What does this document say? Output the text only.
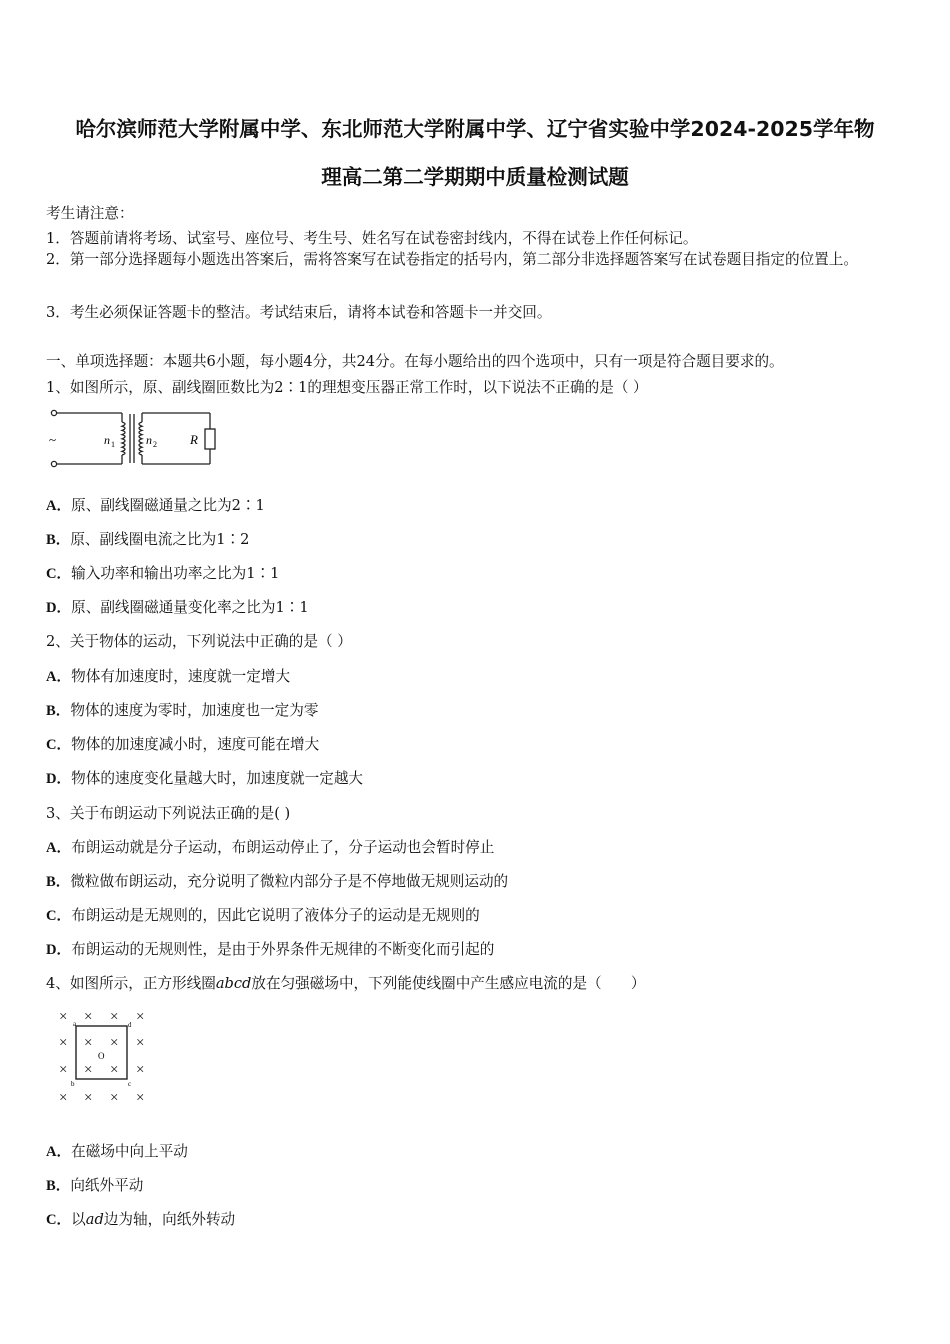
哈尔滨师范大学附属中学、东北师范大学附属中学、辽宁省实验中学2024-2025学年物
理高二第二学期期中质量检测试题
考生请注意：
1．答题前请将考场、试室号、座位号、考生号、姓名写在试卷密封线内，不得在试卷上作任何标记。
2．第一部分选择题每小题选出答案后，需将答案写在试卷指定的括号内，第二部分非选择题答案写在试卷题目指定的位置上。
3．考生必须保证答题卡的整洁。考试结束后，请将本试卷和答题卡一并交回。
一、单项选择题：本题共6小题，每小题4分，共24分。在每小题给出的四个选项中，只有一项是符合题目要求的。
1、如图所示，原、副线圈匝数比为2∶1的理想变压器正常工作时，以下说法不正确的是（ ）
~	n 1	n 2	R
A．原、副线圈磁通量之比为2∶1
B．原、副线圈电流之比为1∶2
C．输入功率和输出功率之比为1∶1
D．原、副线圈磁通量变化率之比为1∶1
2、关于物体的运动，下列说法中正确的是（ ）
A．物体有加速度时，速度就一定增大
B．物体的速度为零时，加速度也一定为零
C．物体的加速度减小时，速度可能在增大
D．物体的速度变化量越大时，加速度就一定越大
3、关于布朗运动下列说法正确的是( )
A．布朗运动就是分子运动，布朗运动停止了，分子运动也会暂时停止
B．微粒做布朗运动，充分说明了微粒内部分子是不停地做无规则运动的
C．布朗运动是无规则的，因此它说明了液体分子的运动是无规则的
D．布朗运动的无规则性，是由于外界条件无规律的不断变化而引起的
4、如图所示，正方形线圈abcd放在匀强磁场中，下列能使线圈中产生感应电流的是（　　）
× × × ×
× × × ×
× × × ×
× × × ×
a
b	c
d
O
A．在磁场中向上平动
B．向纸外平动
C．以ad边为轴，向纸外转动
